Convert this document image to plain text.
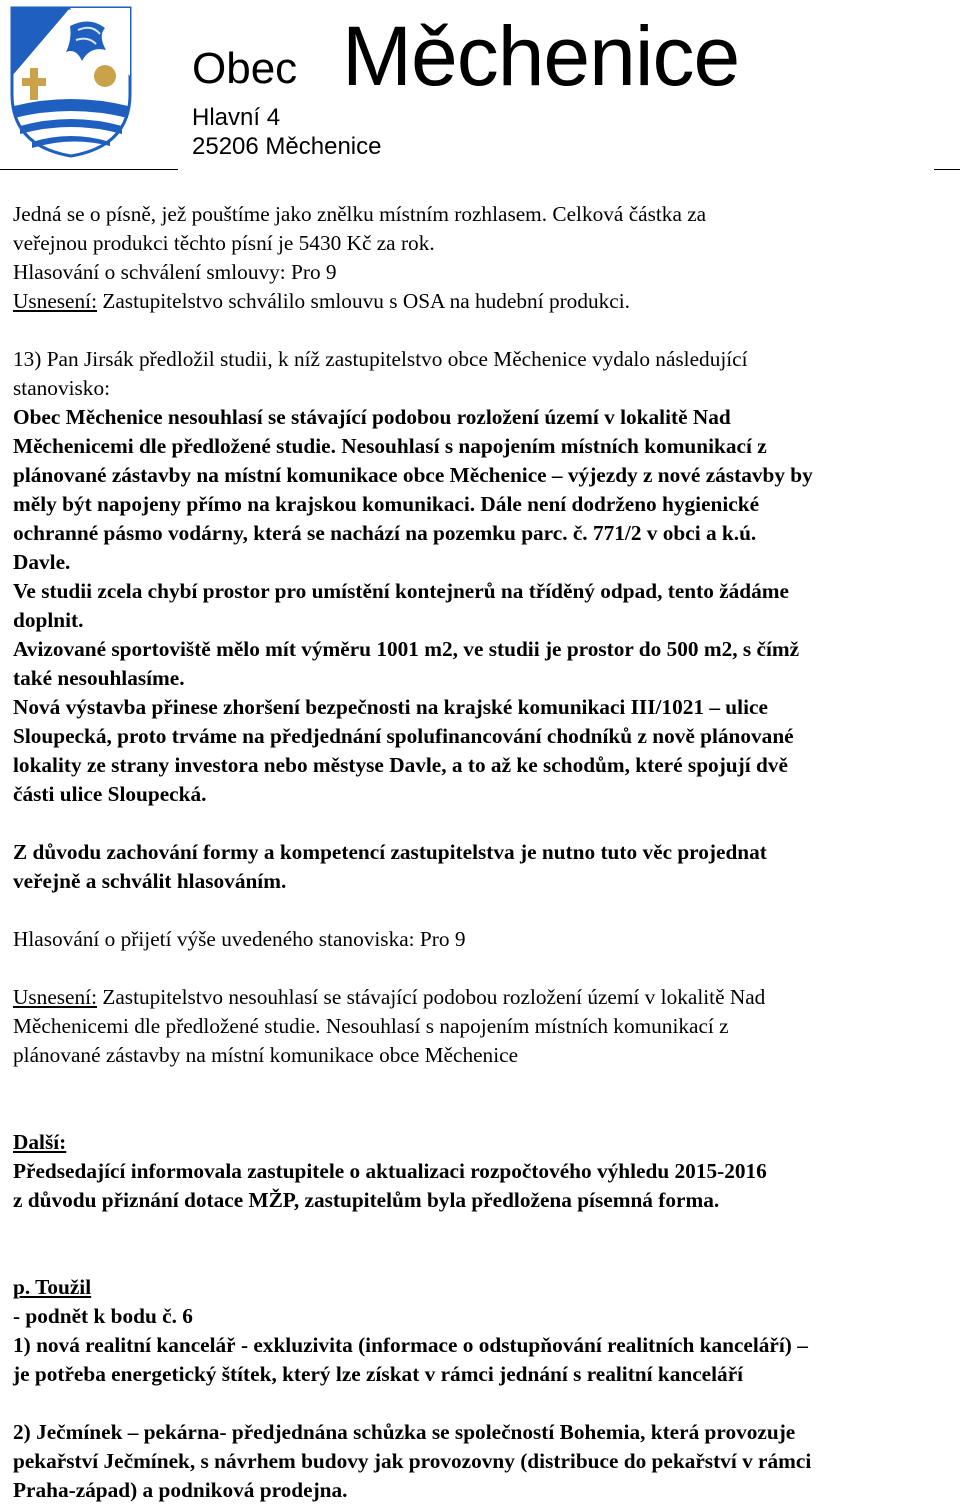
Obec Měchenice
Hlavní 4
25206 Měchenice

Jedná se o písně, jež pouštíme jako znělku místním rozhlasem. Celková částka za

veřejnou produkci těchto písní je 5430 Kč za rok.

Hlasování o schválení smlouvy: Pro 9

Usnesení: Zastupitelstvo schválilo smlouvu s OSA na hudební produkci.

13) Pan Jirsák předložil studii, k níž zastupitelstvo obce Měchenice vydalo následující

stanovisko:

Obec Měchenice nesouhlasí se stávající podobou rozložení území v lokalitě Nad

Měchenicemi dle předložené studie. Nesouhlasí s napojením místních komunikací z

plánované zástavby na místní komunikace obce Měchenice – výjezdy z nové zástavby by

měly být napojeny přímo na krajskou komunikaci. Dále není dodrženo hygienické

ochranné pásmo vodárny, která se nachází na pozemku parc. č. 771/2 v obci a k.ú.

Davle.

Ve studii zcela chybí prostor pro umístění kontejnerů na tříděný odpad, tento žádáme

doplnit.

Avizované sportoviště mělo mít výměru 1001 m2, ve studii je prostor do 500 m2, s čímž

také nesouhlasíme.

Nová výstavba přinese zhoršení bezpečnosti na krajské komunikaci III/1021 – ulice

Sloupecká, proto trváme na předjednání spolufinancování chodníků z nově plánované

lokality ze strany investora nebo městyse Davle, a to až ke schodům, které spojují dvě

části ulice Sloupecká.

Z důvodu zachování formy a kompetencí zastupitelstva je nutno tuto věc projednat

veřejně a schválit hlasováním.

Hlasování o přijetí výše uvedeného stanoviska: Pro 9

Usnesení: Zastupitelstvo nesouhlasí se stávající podobou rozložení území v lokalitě Nad

Měchenicemi dle předložené studie. Nesouhlasí s napojením místních komunikací z

plánované zástavby na místní komunikace obce Měchenice

Další:

Předsedající informovala zastupitele o aktualizaci rozpočtového výhledu 2015-2016

z důvodu přiznání dotace MŽP, zastupitelům byla předložena písemná forma.

p. Toužil

- podnět k bodu č. 6

1) nová realitní kancelář - exkluzivita (informace o odstupňování realitních kanceláří) –

je potřeba energetický štítek, který lze získat v rámci jednání s realitní kanceláří

2) Ječmínek – pekárna- předjednána schůzka se společností Bohemia, která provozuje

pekařství Ječmínek, s návrhem budovy jak provozovny (distribuce do pekařství v rámci

Praha-západ) a podniková prodejna.
